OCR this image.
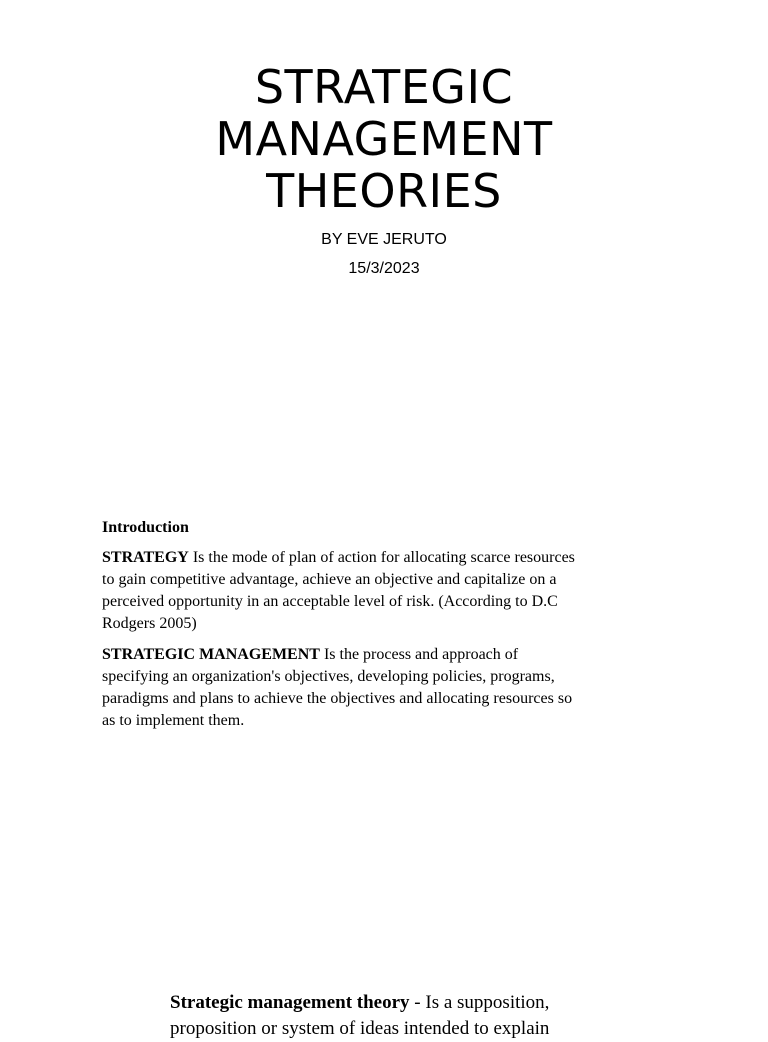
STRATEGIC
MANAGEMENT
THEORIES
BY EVE JERUTO
15/3/2023

Introduction

STRATEGY Is the mode of plan of action for allocating scarce resources to gain competitive advantage, achieve an objective and capitalize on a perceived opportunity in an acceptable level of risk. (According to D.C Rodgers 2005)

STRATEGIC MANAGEMENT Is the process and approach of specifying an organization's objectives, developing policies, programs, paradigms and plans to achieve the objectives and allocating resources so as to implement them.

Strategic management theory - Is a supposition, proposition or system of ideas intended to explain
